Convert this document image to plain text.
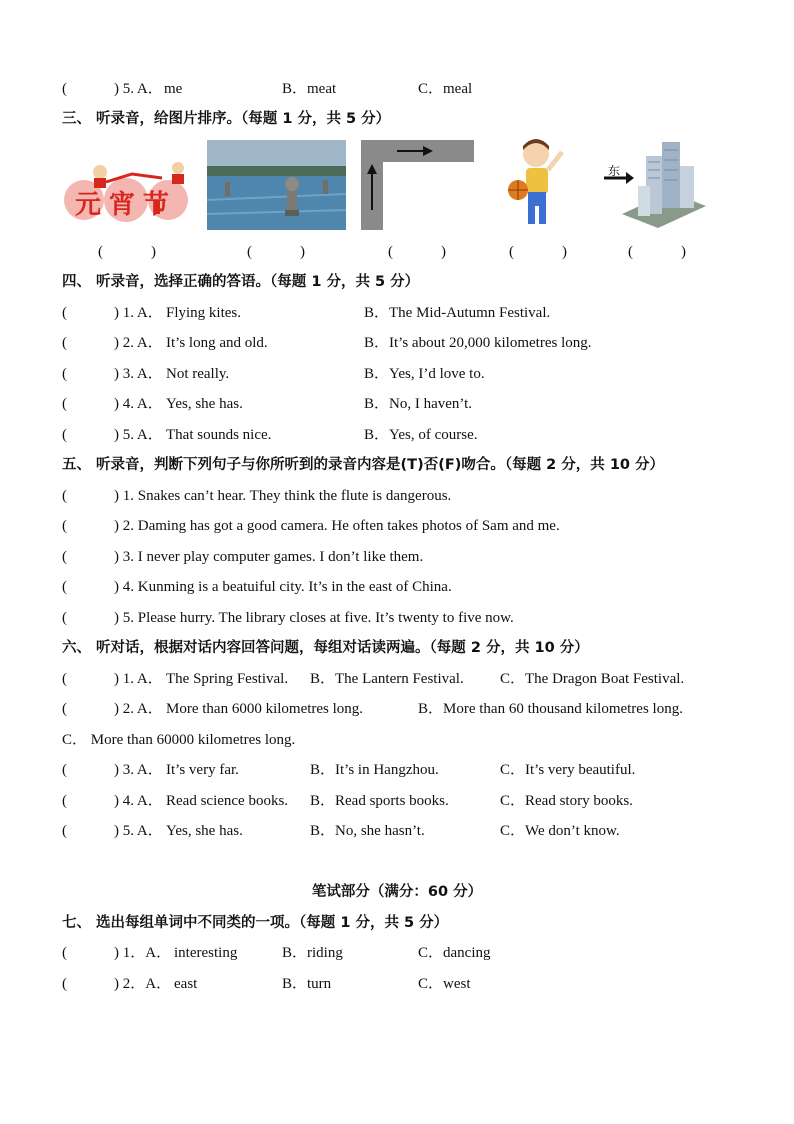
(	) 5. A． me	B．meat	C．meal
三、 听录音，给图片排序。（每题 1 分，共 5 分）
元宵节
东
(	)	(	)	(	)	(	)	(	)
四、 听录音，选择正确的答语。（每题 1 分，共 5 分）
(	) 1. A． Flying kites.	B．The Mid-Autumn Festival.
(	) 2. A． It’s long and old.	B．It’s about 20,000 kilometres long.
(	) 3. A． Not really.	B．Yes, I’d love to.
(	) 4. A． Yes, she has.	B．No, I haven’t.
(	) 5. A． That sounds nice.	B．Yes, of course.
五、 听录音，判断下列句子与你所听到的录音内容是(T)否(F)吻合。（每题 2 分，共 10 分）
(	) 1. Snakes can’t hear. They think the flute is dangerous.
(	) 2. Daming has got a good camera. He often takes photos of Sam and me.
(	) 3. I never play computer games. I don’t like them.
(	) 4. Kunming is a beatuiful city. It’s in the east of China.
(	) 5. Please hurry. The library closes at five. It’s twenty to five now.
六、 听对话，根据对话内容回答问题，每组对话读两遍。（每题 2 分，共 10 分）
(	) 1. A． The Spring Festival. B．The Lantern Festival. C．The Dragon Boat Festival.
(	) 2. A． More than 6000 kilometres long.	B．More than 60 thousand kilometres long.
C． More than 60000 kilometres long.
(	) 3. A． It’s very far.	B．It’s in Hangzhou.	C．It’s very beautiful.
(	) 4. A． Read science books. B．Read sports books.	C．Read story books.
(	) 5. A． Yes, she has.	B．No, she hasn’t.	C．We don’t know.
笔试部分（满分：60 分）
七、 选出每组单词中不同类的一项。（每题 1 分，共 5 分）
(	) 1．A． interesting	B．riding	C．dancing
(	) 2．A． east	B．turn	C．west
